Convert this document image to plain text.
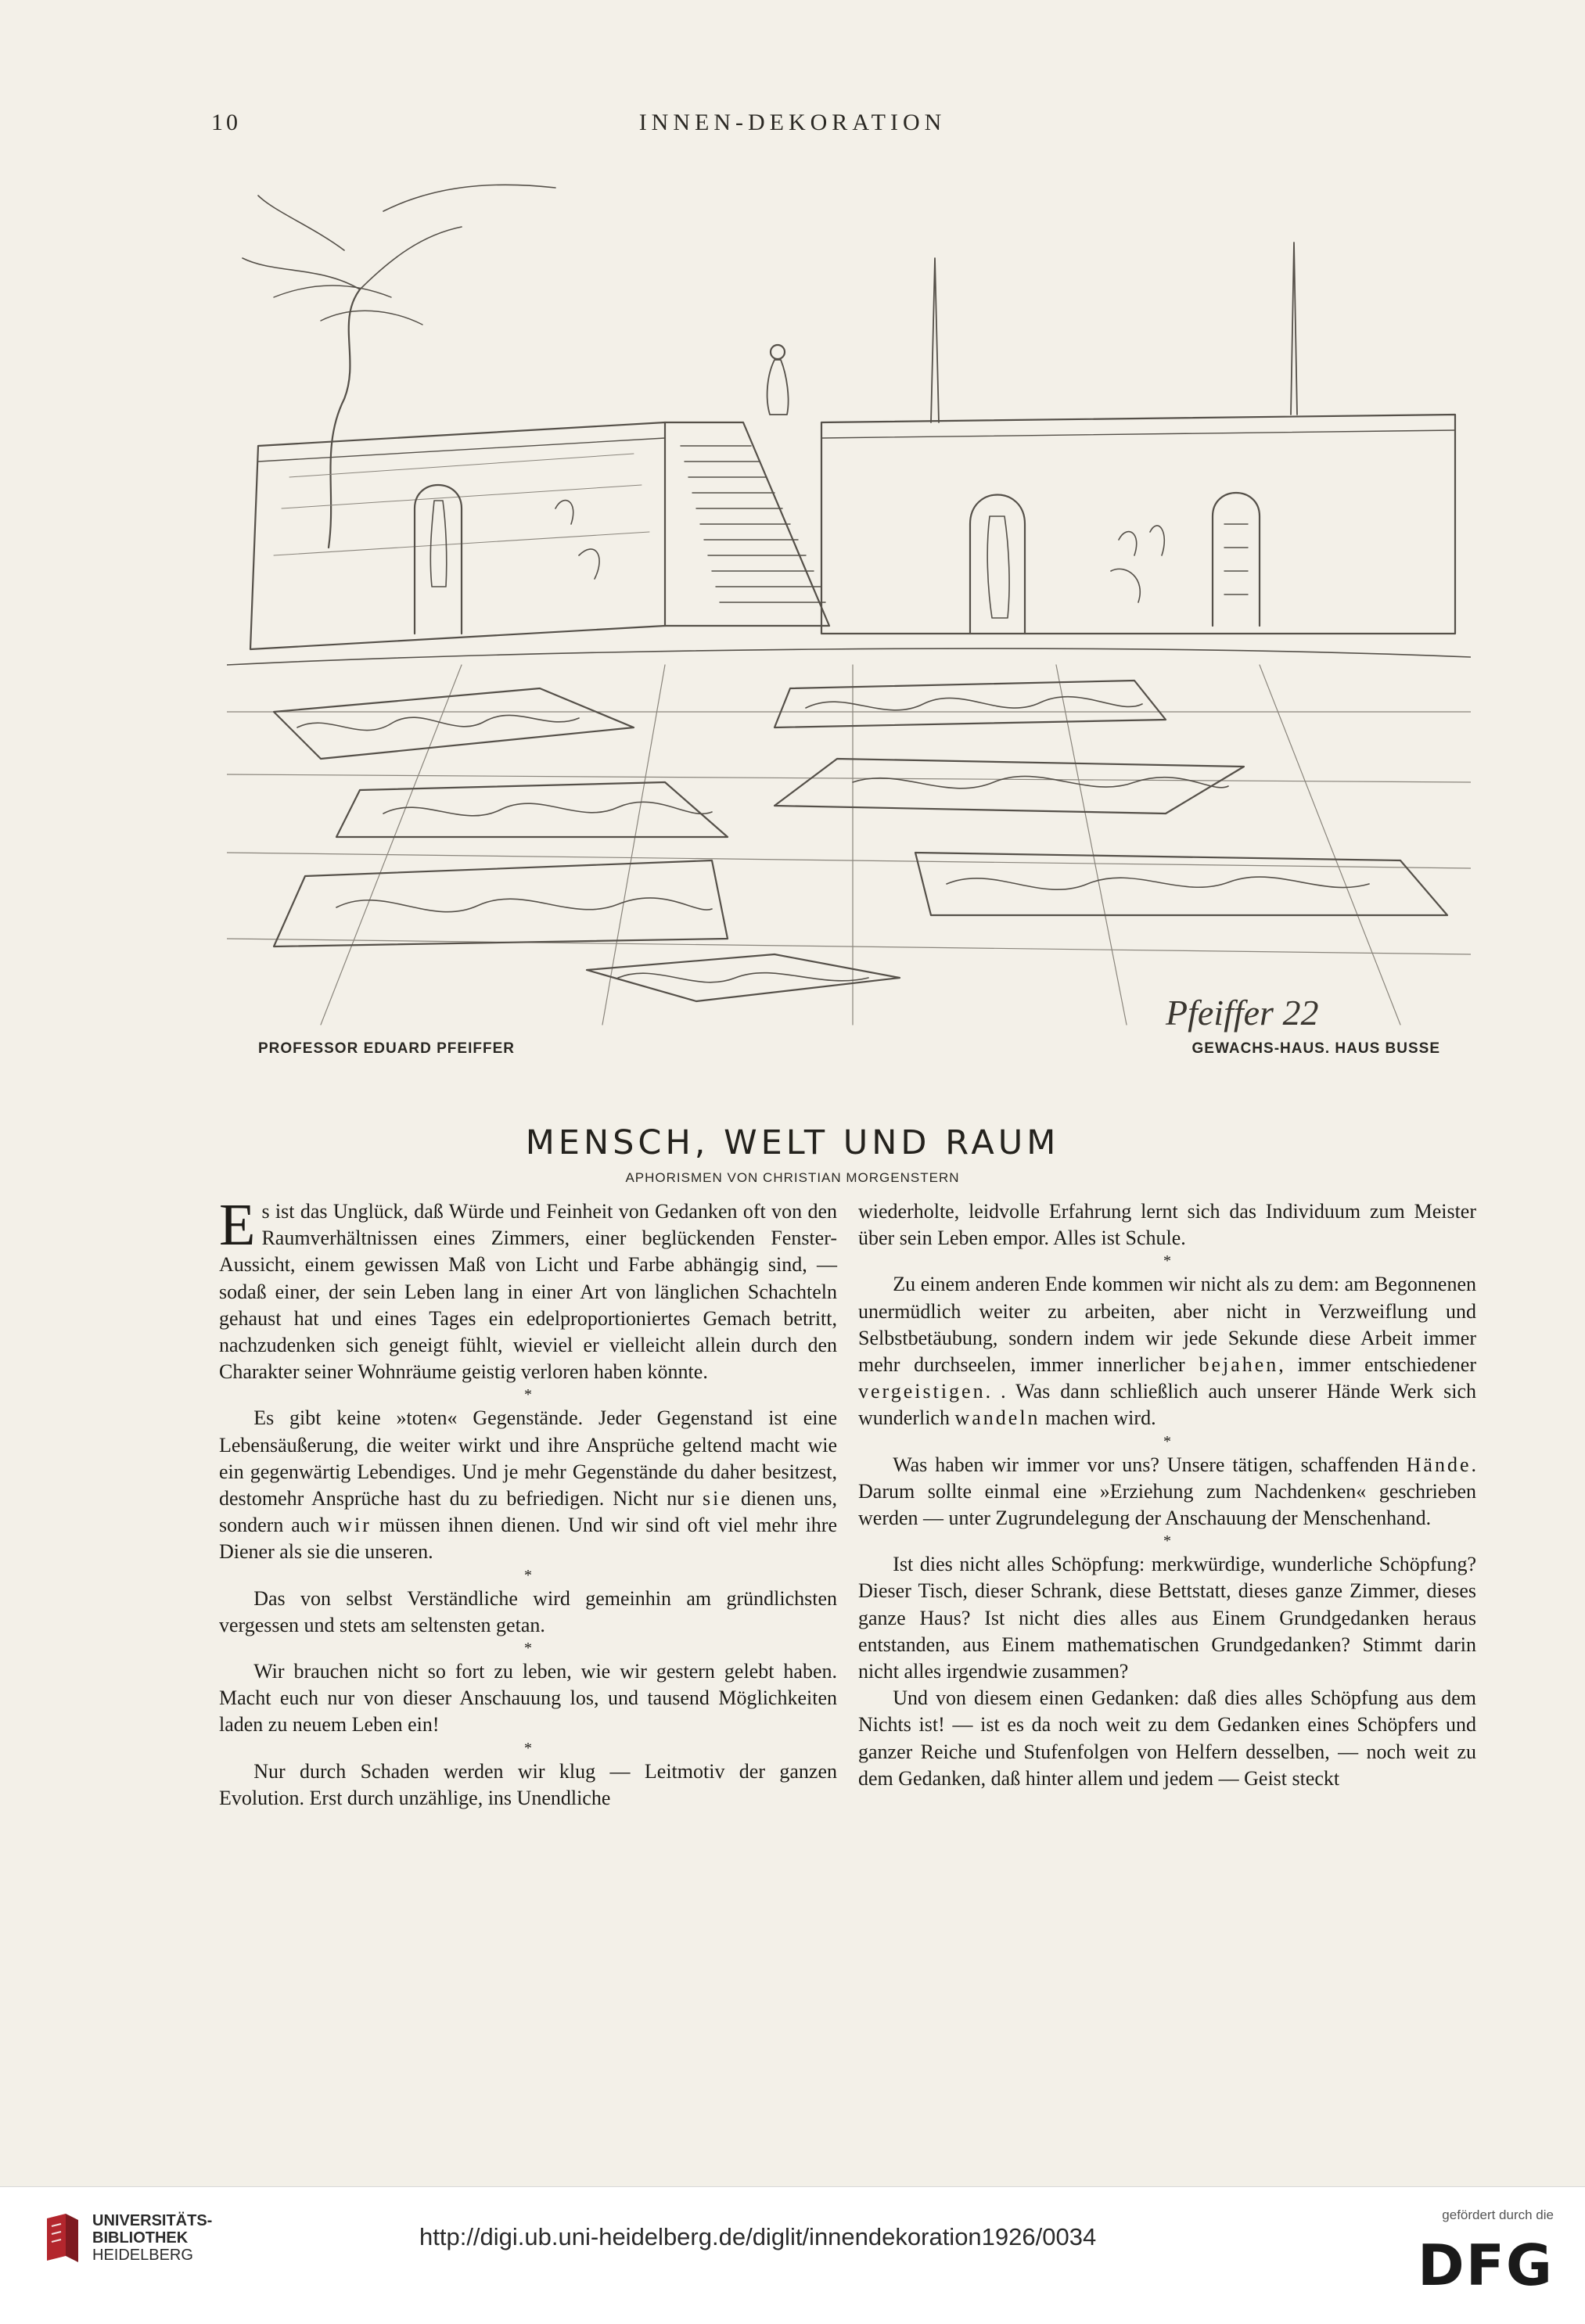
10	INNEN-DEKORATION
Pfeiffer 22
PROFESSOR EDUARD PFEIFFER	GEWACHS-HAUS. HAUS BUSSE
MENSCH, WELT UND RAUM
APHORISMEN VON CHRISTIAN MORGENSTERN

Es ist das Unglück, daß Würde und Feinheit von Gedanken oft von den Raumverhältnissen eines Zimmers, einer beglückenden Fenster-Aussicht, einem gewissen Maß von Licht und Farbe abhängig sind, — sodaß einer, der sein Leben lang in einer Art von länglichen Schachteln gehaust hat und eines Tages ein edelproportioniertes Gemach betritt, nachzudenken sich geneigt fühlt, wieviel er vielleicht allein durch den Charakter seiner Wohnräume geistig verloren haben könnte.

*

Es gibt keine »toten« Gegenstände. Jeder Gegenstand ist eine Lebensäußerung, die weiter wirkt und ihre Ansprüche geltend macht wie ein gegenwärtig Lebendiges. Und je mehr Gegenstände du daher besitzest, destomehr Ansprüche hast du zu befriedigen. Nicht nur sie dienen uns, sondern auch wir müssen ihnen dienen. Und wir sind oft viel mehr ihre Diener als sie die unseren.

*

Das von selbst Verständliche wird gemeinhin am gründlichsten vergessen und stets am seltensten getan.

*

Wir brauchen nicht so fort zu leben, wie wir gestern gelebt haben. Macht euch nur von dieser Anschauung los, und tausend Möglichkeiten laden zu neuem Leben ein!

*

Nur durch Schaden werden wir klug — Leitmotiv der ganzen Evolution. Erst durch unzählige, ins Unendliche

wiederholte, leidvolle Erfahrung lernt sich das Individuum zum Meister über sein Leben empor. Alles ist Schule.

*

Zu einem anderen Ende kommen wir nicht als zu dem: am Begonnenen unermüdlich weiter zu arbeiten, aber nicht in Verzweiflung und Selbstbetäubung, sondern indem wir jede Sekunde diese Arbeit immer mehr durchseelen, immer innerlicher bejahen, immer entschiedener vergeistigen. . Was dann schließlich auch unserer Hände Werk sich wunderlich wandeln machen wird.

*

Was haben wir immer vor uns? Unsere tätigen, schaffenden Hände. Darum sollte einmal eine »Erziehung zum Nachdenken« geschrieben werden — unter Zugrundelegung der Anschauung der Menschenhand.

*

Ist dies nicht alles Schöpfung: merkwürdige, wunderliche Schöpfung? Dieser Tisch, dieser Schrank, diese Bettstatt, dieses ganze Zimmer, dieses ganze Haus? Ist nicht dies alles aus Einem Grundgedanken heraus entstanden, aus Einem mathematischen Grundgedanken? Stimmt darin nicht alles irgendwie zusammen?

Und von diesem einen Gedanken: daß dies alles Schöpfung aus dem Nichts ist! — ist es da noch weit zu dem Gedanken eines Schöpfers und ganzer Reiche und Stufenfolgen von Helfern desselben, — noch weit zu dem Gedanken, daß hinter allem und jedem — Geist steckt

UNIVERSITÄTS-
BIBLIOTHEK
HEIDELBERG
http://digi.ub.uni-heidelberg.de/diglit/innendekoration1926/0034
gefördert durch die
DFG
